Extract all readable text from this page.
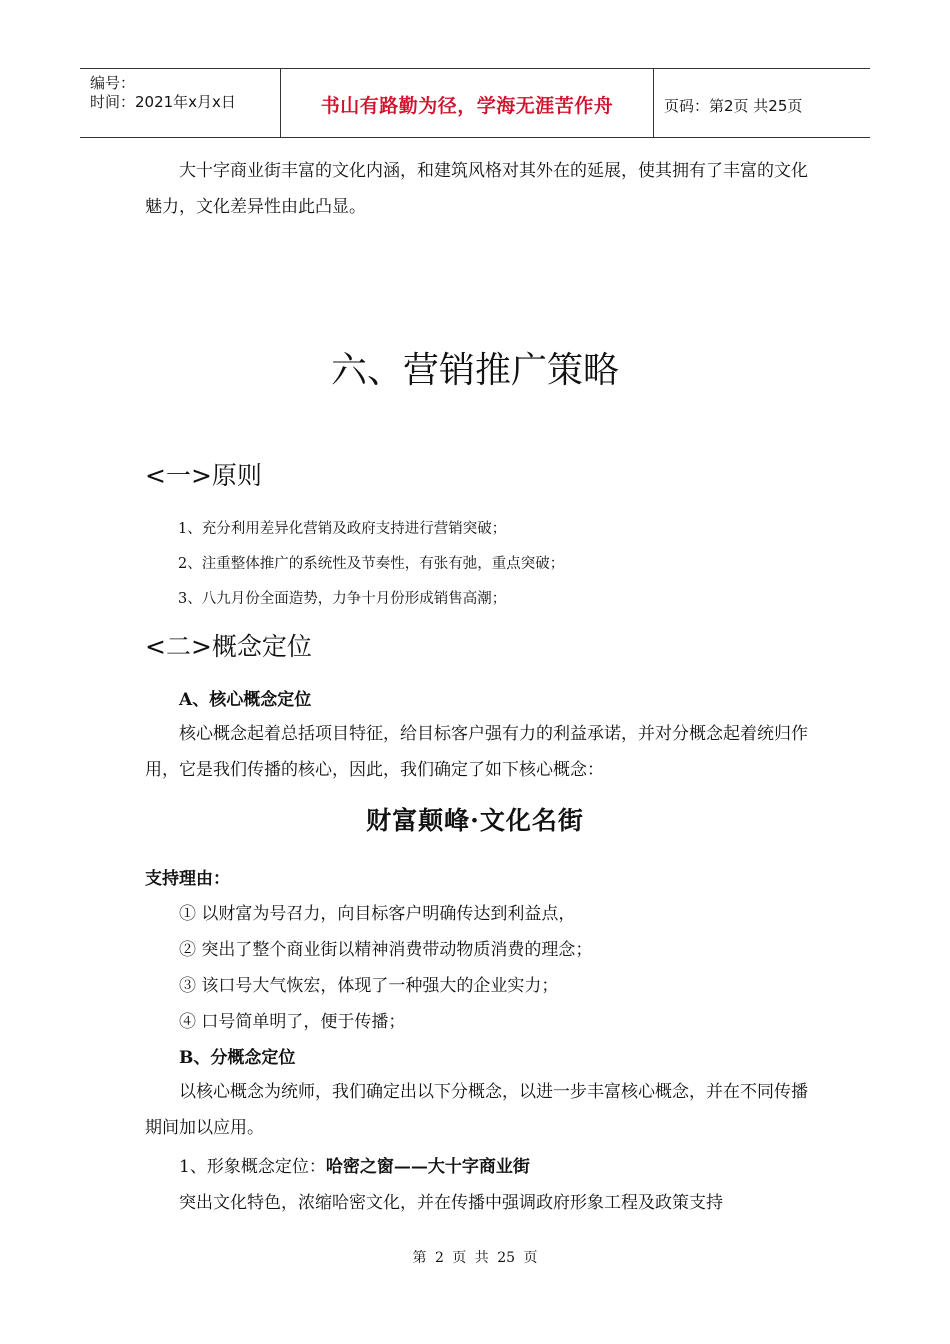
编号：
时间：2021年x月x日	书山有路勤为径，学海无涯苦作舟	页码：第2页 共25页
大十字商业街丰富的文化内涵，和建筑风格对其外在的延展，使其拥有了丰富的文化魅力，文化差异性由此凸显。
六、营销推广策略
<一>原则
1、充分利用差异化营销及政府支持进行营销突破；
2、注重整体推广的系统性及节奏性，有张有弛，重点突破；
3、八九月份全面造势，力争十月份形成销售高潮；
<二>概念定位
A、核心概念定位
核心概念起着总括项目特征，给目标客户强有力的利益承诺，并对分概念起着统归作用，它是我们传播的核心，因此，我们确定了如下核心概念：
财富颠峰·文化名街
支持理由：
① 以财富为号召力，向目标客户明确传达到利益点，
② 突出了整个商业街以精神消费带动物质消费的理念；
③ 该口号大气恢宏，体现了一种强大的企业实力；
④ 口号简单明了，便于传播；
B、分概念定位
以核心概念为统师，我们确定出以下分概念，以进一步丰富核心概念，并在不同传播期间加以应用。
1、形象概念定位：哈密之窗——大十字商业街
突出文化特色，浓缩哈密文化，并在传播中强调政府形象工程及政策支持
第 2 页 共 25 页
